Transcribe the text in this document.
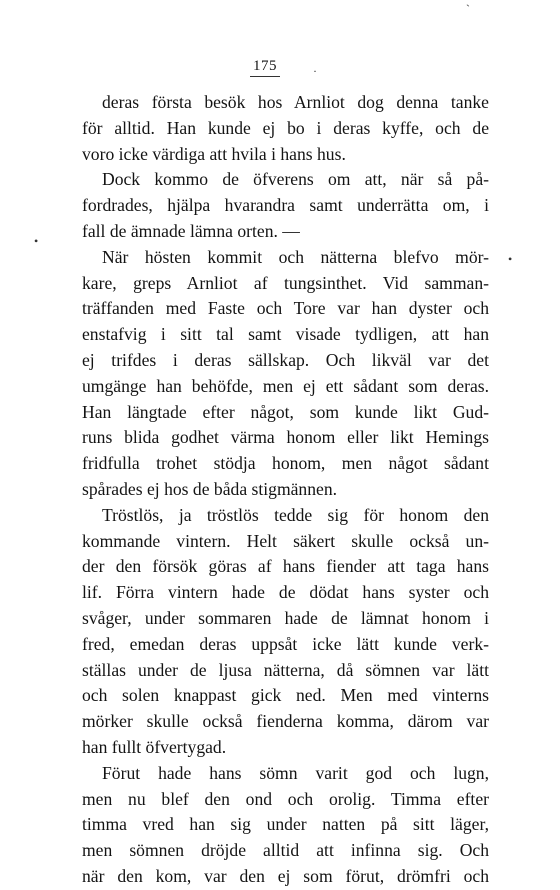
175	·
ˋ
•
•
deras första besök hos Arnliot dog denna tanke
för alltid. Han kunde ej bo i deras kyffe, och de
voro icke värdiga att hvila i hans hus.
Dock kommo de öfverens om att, när så på-
fordrades, hjälpa hvarandra samt underrätta om, i
fall de ämnade lämna orten. —
När hösten kommit och nätterna blefvo mör-
kare, greps Arnliot af tungsinthet. Vid samman-
träffanden med Faste och Tore var han dyster och
enstafvig i sitt tal samt visade tydligen, att han
ej trifdes i deras sällskap. Och likväl var det
umgänge han behöfde, men ej ett sådant som deras.
Han längtade efter något, som kunde likt Gud-
runs blida godhet värma honom eller likt Hemings
fridfulla trohet stödja honom, men något sådant
spårades ej hos de båda stigmännen.
Tröstlös, ja tröstlös tedde sig för honom den
kommande vintern. Helt säkert skulle också un-
der den försök göras af hans fiender att taga hans
lif. Förra vintern hade de dödat hans syster och
svåger, under sommaren hade de lämnat honom i
fred, emedan deras uppsåt icke lätt kunde verk-
ställas under de ljusa nätterna, då sömnen var lätt
och solen knappast gick ned. Men med vinterns
mörker skulle också fienderna komma, därom var
han fullt öfvertygad.
Förut hade hans sömn varit god och lugn,
men nu blef den ond och orolig. Timma efter
timma vred han sig under natten på sitt läger,
men sömnen dröjde alltid att infinna sig. Och
när den kom, var den ej som förut, drömfri och
